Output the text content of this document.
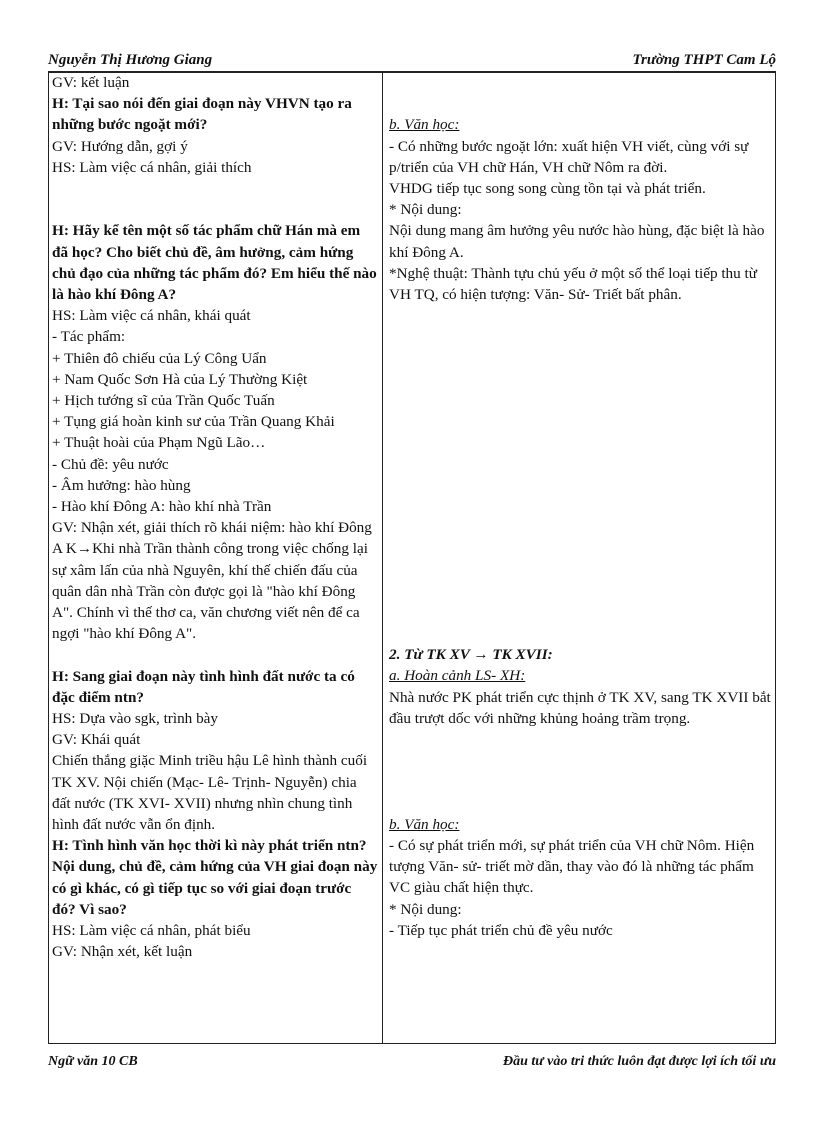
Nguyễn Thị Hương Giang	Trường THPT Cam Lộ
GV: kết luận
H: Tại sao nói đến giai đoạn này VHVN tạo ra những bước ngoặt mới?
GV: Hướng dẫn, gợi ý
HS: Làm việc cá nhân, giải thích
H: Hãy kể tên một số tác phẩm chữ Hán mà em đã học? Cho biết chủ đề, âm hưởng, cảm hứng chủ đạo của những tác phẩm đó? Em hiểu thế nào là hào khí Đông A?
HS: Làm việc cá nhân, khái quát
- Tác phẩm:
+ Thiên đô chiếu của Lý Công Uẩn
+ Nam Quốc Sơn Hà của Lý Thường Kiệt
+ Hịch tướng sĩ của Trần Quốc Tuấn
+ Tụng giá hoàn kinh sư của Trần Quang Khải
+ Thuật hoài của Phạm Ngũ Lão…
- Chủ đề: yêu nước
- Âm hưởng: hào hùng
- Hào khí Đông A: hào khí nhà Trần
GV: Nhận xét, giải thích rõ khái niệm: hào khí Đông A K→Khi nhà Trần thành công trong việc chống lại sự xâm lấn của nhà Nguyên, khí thế chiến đấu của quân dân nhà Trần còn được gọi là "hào khí Đông A". Chính vì thế thơ ca, văn chương viết nên để ca ngợi "hào khí Đông A".
H: Sang giai đoạn này tình hình đất nước ta có đặc điểm ntn?
HS: Dựa vào sgk, trình bày
GV: Khái quát
Chiến thắng giặc Minh triều hậu Lê hình thành cuối TK XV. Nội chiến (Mạc- Lê- Trịnh- Nguyễn) chia đất nước (TK XVI- XVII) nhưng nhìn chung tình hình đất nước vẫn ổn định.
H: Tình hình văn học thời kì này phát triển ntn? Nội dung, chủ đề, cảm hứng của VH giai đoạn này có gì khác, có gì tiếp tục so với giai đoạn trước đó? Vì sao?
HS: Làm việc cá nhân, phát biểu
GV: Nhận xét, kết luận
b. Văn học:
- Có những bước ngoặt lớn: xuất hiện VH viết, cùng với sự p/triển của VH chữ Hán, VH chữ Nôm ra đời.
VHDG tiếp tục song song cùng tồn tại và phát triển.
* Nội dung:
Nội dung mang âm hưởng yêu nước hào hùng, đặc biệt là hào khí Đông A.
*Nghệ thuật: Thành tựu chủ yếu ở một số thể loại tiếp thu từ VH TQ, có hiện tượng: Văn- Sử- Triết bất phân.
2. Từ TK XV → TK XVII:
a. Hoàn cảnh LS- XH:
Nhà nước PK phát triển cực thịnh ở TK XV, sang TK XVII bắt đầu trượt dốc với những khủng hoảng trầm trọng.
b. Văn học:
- Có sự phát triển mới, sự phát triển của VH chữ Nôm. Hiện tượng Văn- sử- triết mờ dần, thay vào đó là những tác phẩm VC giàu chất hiện thực.
* Nội dung:
- Tiếp tục phát triển chủ đề yêu nước
Ngữ văn 10 CB	Đầu tư vào tri thức luôn đạt được lợi ích tối ưu
